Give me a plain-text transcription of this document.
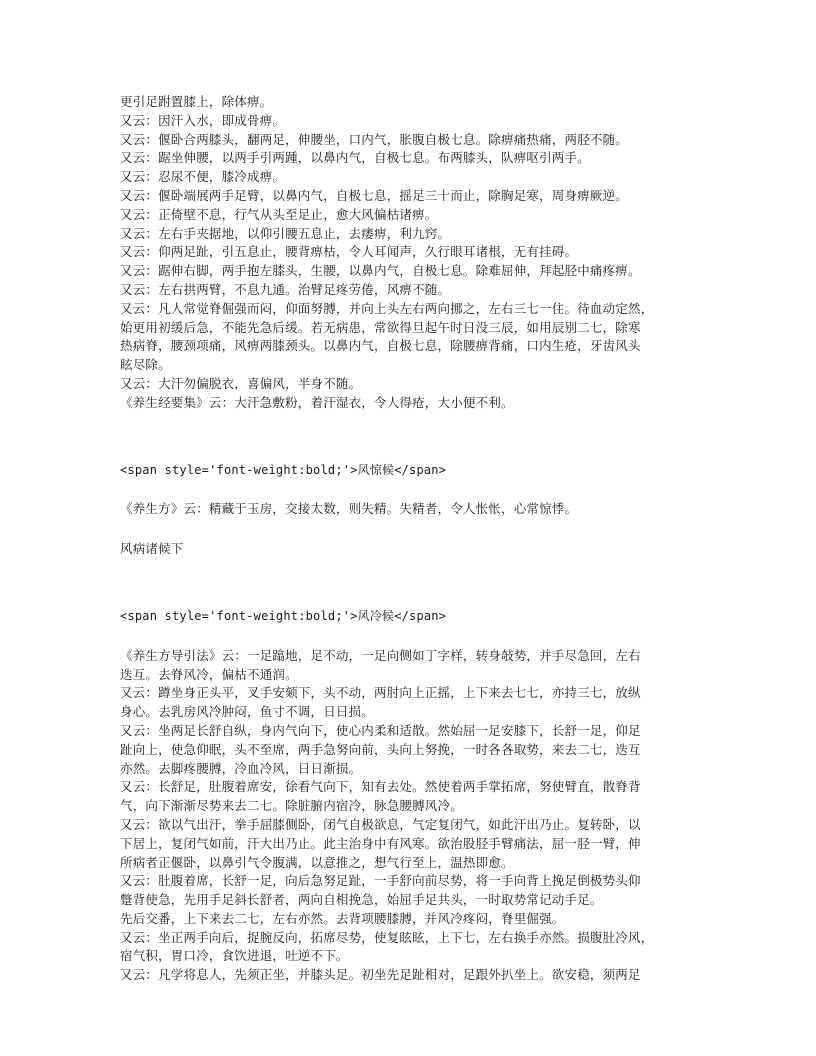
更引足跗置膝上，除体痹。
又云：因汗入水，即成骨痹。
又云：偃卧合两膝头，翻两足，伸腰坐，口内气，胀腹自极七息。除痹痛热痛，两胫不随。
又云：踞坐伸腰，以两手引两踵，以鼻内气，自极七息。布两膝头，队痹呕引两手。
又云：忍尿不便，膝冷成痹。
又云：偃卧端展两手足臂，以鼻内气，自极七息，摇足三十而止，除胸足寒，周身痹厥逆。
又云：正倚壁不息，行气从头至足止，愈大风偏枯诸痹。
又云：左右手夹据地，以仰引腰五息止，去痿痹，利九窍。
又云：仰两足趾，引五息止，腰背痹枯，令人耳闻声，久行眼耳诸根，无有挂碍。
又云：踞伸右脚，两手抱左膝头，生腰，以鼻内气，自极七息。除难屈伸，拜起胫中痛疼痹。
又云：左右拱两臂，不息九通。治臂足疼劳倦，风痹不随。
又云：凡人常觉脊倔强而闷，仰面努膊，并向上头左右两向挪之，左右三七一住。待血动定然，
始更用初缓后急，不能先急后缓。若无病患，常欲得旦起午时日没三辰，如用辰别二七，除寒
热病脊，腰颈项痛，风痹两膝颈头。以鼻内气，自极七息，除腰痹背痛，口内生疮，牙齿风头
眩尽除。
又云：大汗勿偏脱衣，喜偏风，半身不随。
《养生经要集》云：大汗急敷粉，着汗湿衣，令人得疮，大小便不利。
<span style='font-weight:bold;'>风惊候</span>
《养生方》云：精藏于玉房，交接太数，则失精。失精者，令人怅怅，心常惊悸。
风病诸候下
<span style='font-weight:bold;'>风冷候</span>
《养生方导引法》云：一足蹹地，足不动，一足向侧如丁字样，转身敧势，并手尽急回，左右
迭互。去脊风冷，偏枯不通润。
又云：蹲坐身正头平，叉手安颏下，头不动，两肘向上正摇，上下来去七七，亦持三七，放纵
身心。去乳房风冷肿闷，鱼寸不调，日日损。
又云：坐两足长舒自纵，身内气向下，使心内柔和适散。然始屈一足安膝下，长舒一足，仰足
趾向上，使急仰眠，头不至席，两手急努向前，头向上努挽，一时各各取势，来去二七，迭互
亦然。去脚疼腰膊，冷血冷风，日日渐损。
又云：长舒足，肚腹着席安，徐看气向下，知有去处。然使着两手掌拓席，努使臂直，散脊背
气，向下渐渐尽势来去二七。除脏腑内宿冷，脉急腰膊风冷。
又云：欲以气出汗，拳手屈膝侧卧，闭气自极欲息，气定复闭气，如此汗出乃止。复转卧，以
下居上，复闭气如前，汗大出乃止。此主治身中有风寒。欲治股胫手臂痛法，屈一胫一臂，伸
所病者正偃卧，以鼻引气令腹满，以意推之，想气行至上，温热即愈。
又云：肚腹着席，长舒一足，向后急努足趾，一手舒向前尽势，将一手向背上挽足倒极势头仰
蹩背使急，先用手足斜长舒者，两向自相挽急，始屈手足共头，一时取势常记动手足。
先后交番，上下来去二七，左右亦然。去背项腰膝膊，并风冷疼闷，脊里倔强。
又云：坐正两手向后，捉腕反向，拓席尽势，使复眩眩，上下七，左右换手亦然。损腹肚冷风，
宿气积，胃口冷，食饮进退，吐逆不下。
又云：凡学将息人，先须正坐，并膝头足。初坐先足趾相对，足跟外扒坐上。欲安稳，须两足
